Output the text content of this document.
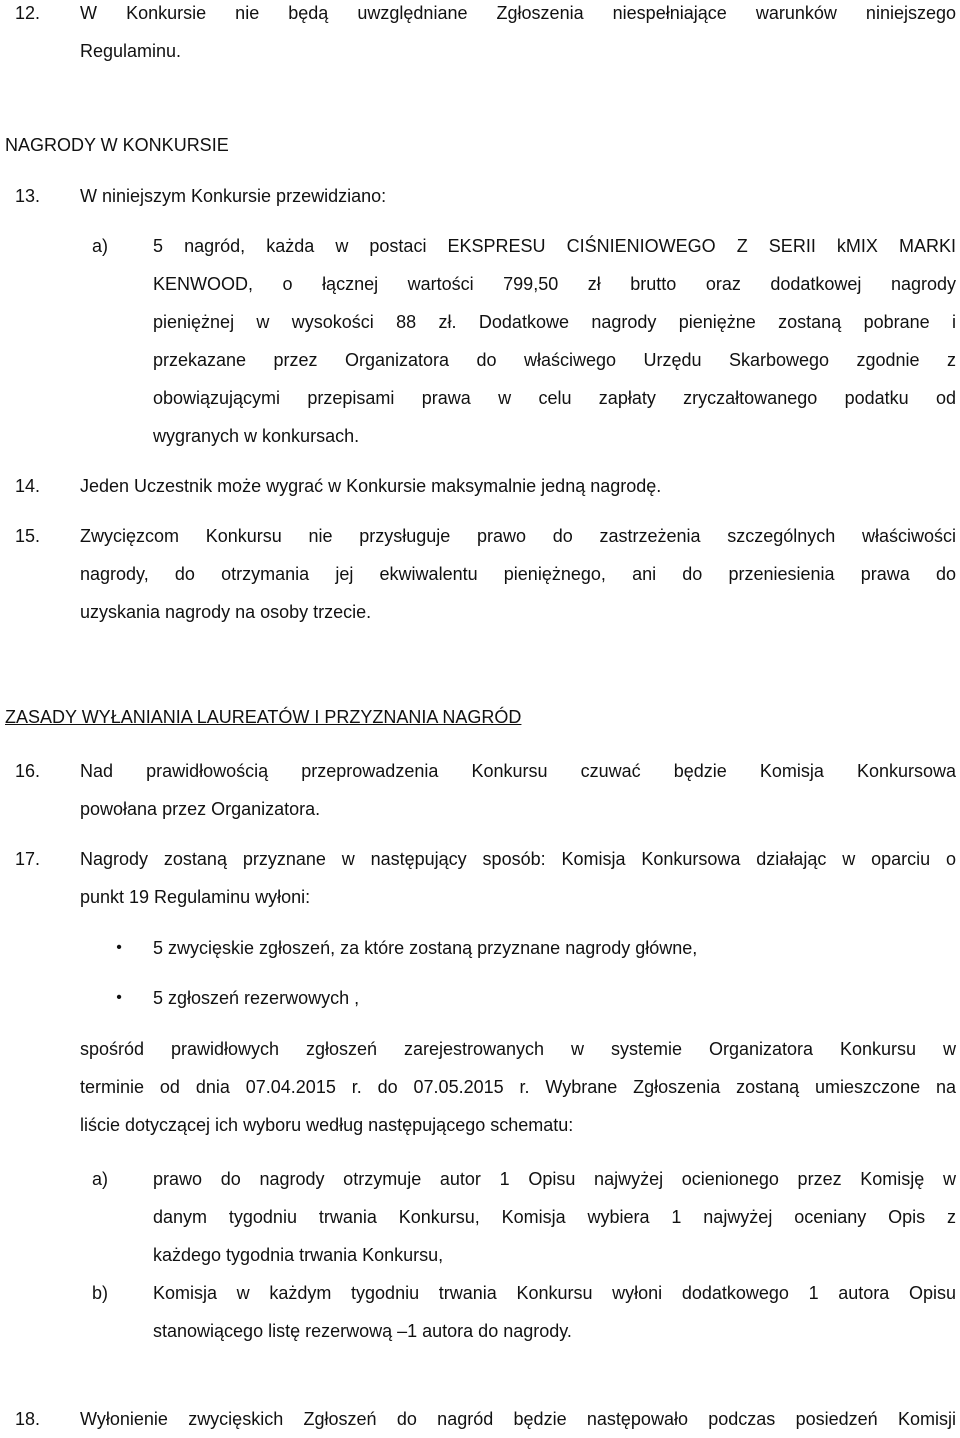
12. W Konkursie nie będą uwzględniane Zgłoszenia niespełniające warunków niniejszego
Regulaminu.
NAGRODY W KONKURSIE
13. W niniejszym Konkursie przewidziano:
a)	5 nagród, każda w postaci EKSPRESU CIŚNIENIOWEGO Z SERII kMIX MARKI
KENWOOD, o łącznej wartości 799,50 zł brutto oraz dodatkowej nagrody
pieniężnej w wysokości 88 zł. Dodatkowe nagrody pieniężne zostaną pobrane i
przekazane przez Organizatora do właściwego Urzędu Skarbowego zgodnie z
obowiązującymi przepisami prawa w celu zapłaty zryczałtowanego podatku od
wygranych w konkursach.
14. Jeden Uczestnik może wygrać w Konkursie maksymalnie jedną nagrodę.
15. Zwycięzcom Konkursu nie przysługuje prawo do zastrzeżenia szczególnych właściwości
nagrody, do otrzymania jej ekwiwalentu pieniężnego, ani do przeniesienia prawa do
uzyskania nagrody na osoby trzecie.
ZASADY WYŁANIANIA LAUREATÓW I PRZYZNANIA NAGRÓD
16. Nad prawidłowością przeprowadzenia Konkursu czuwać będzie Komisja Konkursowa
powołana przez Organizatora.
17. Nagrody zostaną przyznane w następujący sposób: Komisja Konkursowa działając w oparciu o
punkt 19 Regulaminu wyłoni:
• 5 zwycięskie zgłoszeń, za które zostaną przyznane nagrody główne,
• 5 zgłoszeń rezerwowych ,
spośród prawidłowych zgłoszeń zarejestrowanych w systemie Organizatora Konkursu w
terminie od dnia 07.04.2015 r. do 07.05.2015 r. Wybrane Zgłoszenia zostaną umieszczone na
liście dotyczącej ich wyboru według następującego schematu:
a)	prawo do nagrody otrzymuje autor 1 Opisu najwyżej ocienionego przez Komisję w
danym tygodniu trwania Konkursu, Komisja wybiera 1 najwyżej oceniany Opis z
każdego tygodnia trwania Konkursu,
b)	Komisja w każdym tygodniu trwania Konkursu wyłoni dodatkowego 1 autora Opisu
stanowiącego listę rezerwową –1 autora do nagrody.
18. Wyłonienie zwycięskich Zgłoszeń do nagród będzie następowało podczas posiedzeń Komisji
